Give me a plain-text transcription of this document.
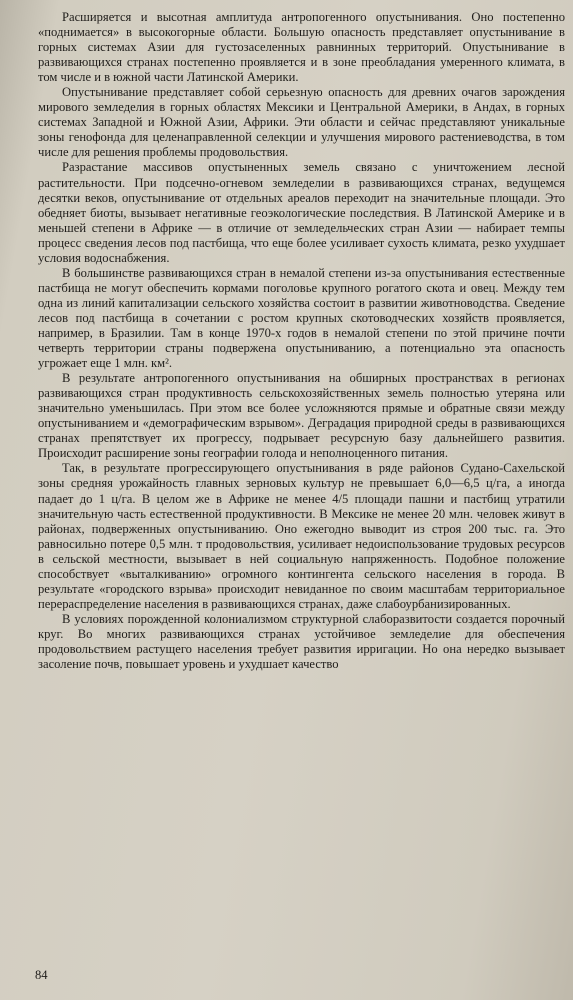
Расширяется и высотная амплитуда антропогенного опустынивания. Оно постепенно «поднимается» в высокогорные области. Большую опасность представляет опустынивание в горных системах Азии для густозаселенных равнинных территорий. Опустынивание в развивающихся странах постепенно проявляется и в зоне преобладания умеренного климата, в том числе и в южной части Латинской Америки.

Опустынивание представляет собой серьезную опасность для древних очагов зарождения мирового земледелия в горных областях Мексики и Центральной Америки, в Андах, в горных системах Западной и Южной Азии, Африки. Эти области и сейчас представляют уникальные зоны генофонда для целенаправленной селекции и улучшения мирового растениеводства, в том числе для решения проблемы продовольствия.

Разрастание массивов опустыненных земель связано с уничтожением лесной растительности. При подсечно-огневом земледелии в развивающихся странах, ведущемся десятки веков, опустынивание от отдельных ареалов переходит на значительные площади. Это обедняет биоты, вызывает негативные геоэкологические последствия. В Латинской Америке и в меньшей степени в Африке — в отличие от земледельческих стран Азии — набирает темпы процесс сведения лесов под пастбища, что еще более усиливает сухость климата, резко ухудшает условия водоснабжения.

В большинстве развивающихся стран в немалой степени из-за опустынивания естественные пастбища не могут обеспечить кормами поголовье крупного рогатого скота и овец. Между тем одна из линий капитализации сельского хозяйства состоит в развитии животноводства. Сведение лесов под пастбища в сочетании с ростом крупных скотоводческих хозяйств проявляется, например, в Бразилии. Там в конце 1970-х годов в немалой степени по этой причине почти четверть территории страны подвержена опустыниванию, а потенциально эта опасность угрожает еще 1 млн. км².

В результате антропогенного опустынивания на обширных пространствах в регионах развивающихся стран продуктивность сельскохозяйственных земель полностью утеряна или значительно уменьшилась. При этом все более усложняются прямые и обратные связи между опустыниванием и «демографическим взрывом». Деградация природной среды в развивающихся странах препятствует их прогрессу, подрывает ресурсную базу дальнейшего развития. Происходит расширение зоны географии голода и неполноценного питания.

Так, в результате прогрессирующего опустынивания в ряде районов Судано-Сахельской зоны средняя урожайность главных зерновых культур не превышает 6,0—6,5 ц/га, а иногда падает до 1 ц/га. В целом же в Африке не менее 4/5 площади пашни и пастбищ утратили значительную часть естественной продуктивности. В Мексике не менее 20 млн. человек живут в районах, подверженных опустыниванию. Оно ежегодно выводит из строя 200 тыс. га. Это равносильно потере 0,5 млн. т продовольствия, усиливает недоиспользование трудовых ресурсов в сельской местности, вызывает в ней социальную напряженность. Подобное положение способствует «выталкиванию» огромного контингента сельского населения в города. В результате «городского взрыва» происходит невиданное по своим масштабам территориальное перераспределение населения в развивающихся странах, даже слабоурбанизированных.

В условиях порожденной колониализмом структурной слаборазвитости создается порочный круг. Во многих развивающихся странах устойчивое земледелие для обеспечения продовольствием растущего населения требует развития ирригации. Но она нередко вызывает засоление почв, повышает уровень и ухудшает качество

84
